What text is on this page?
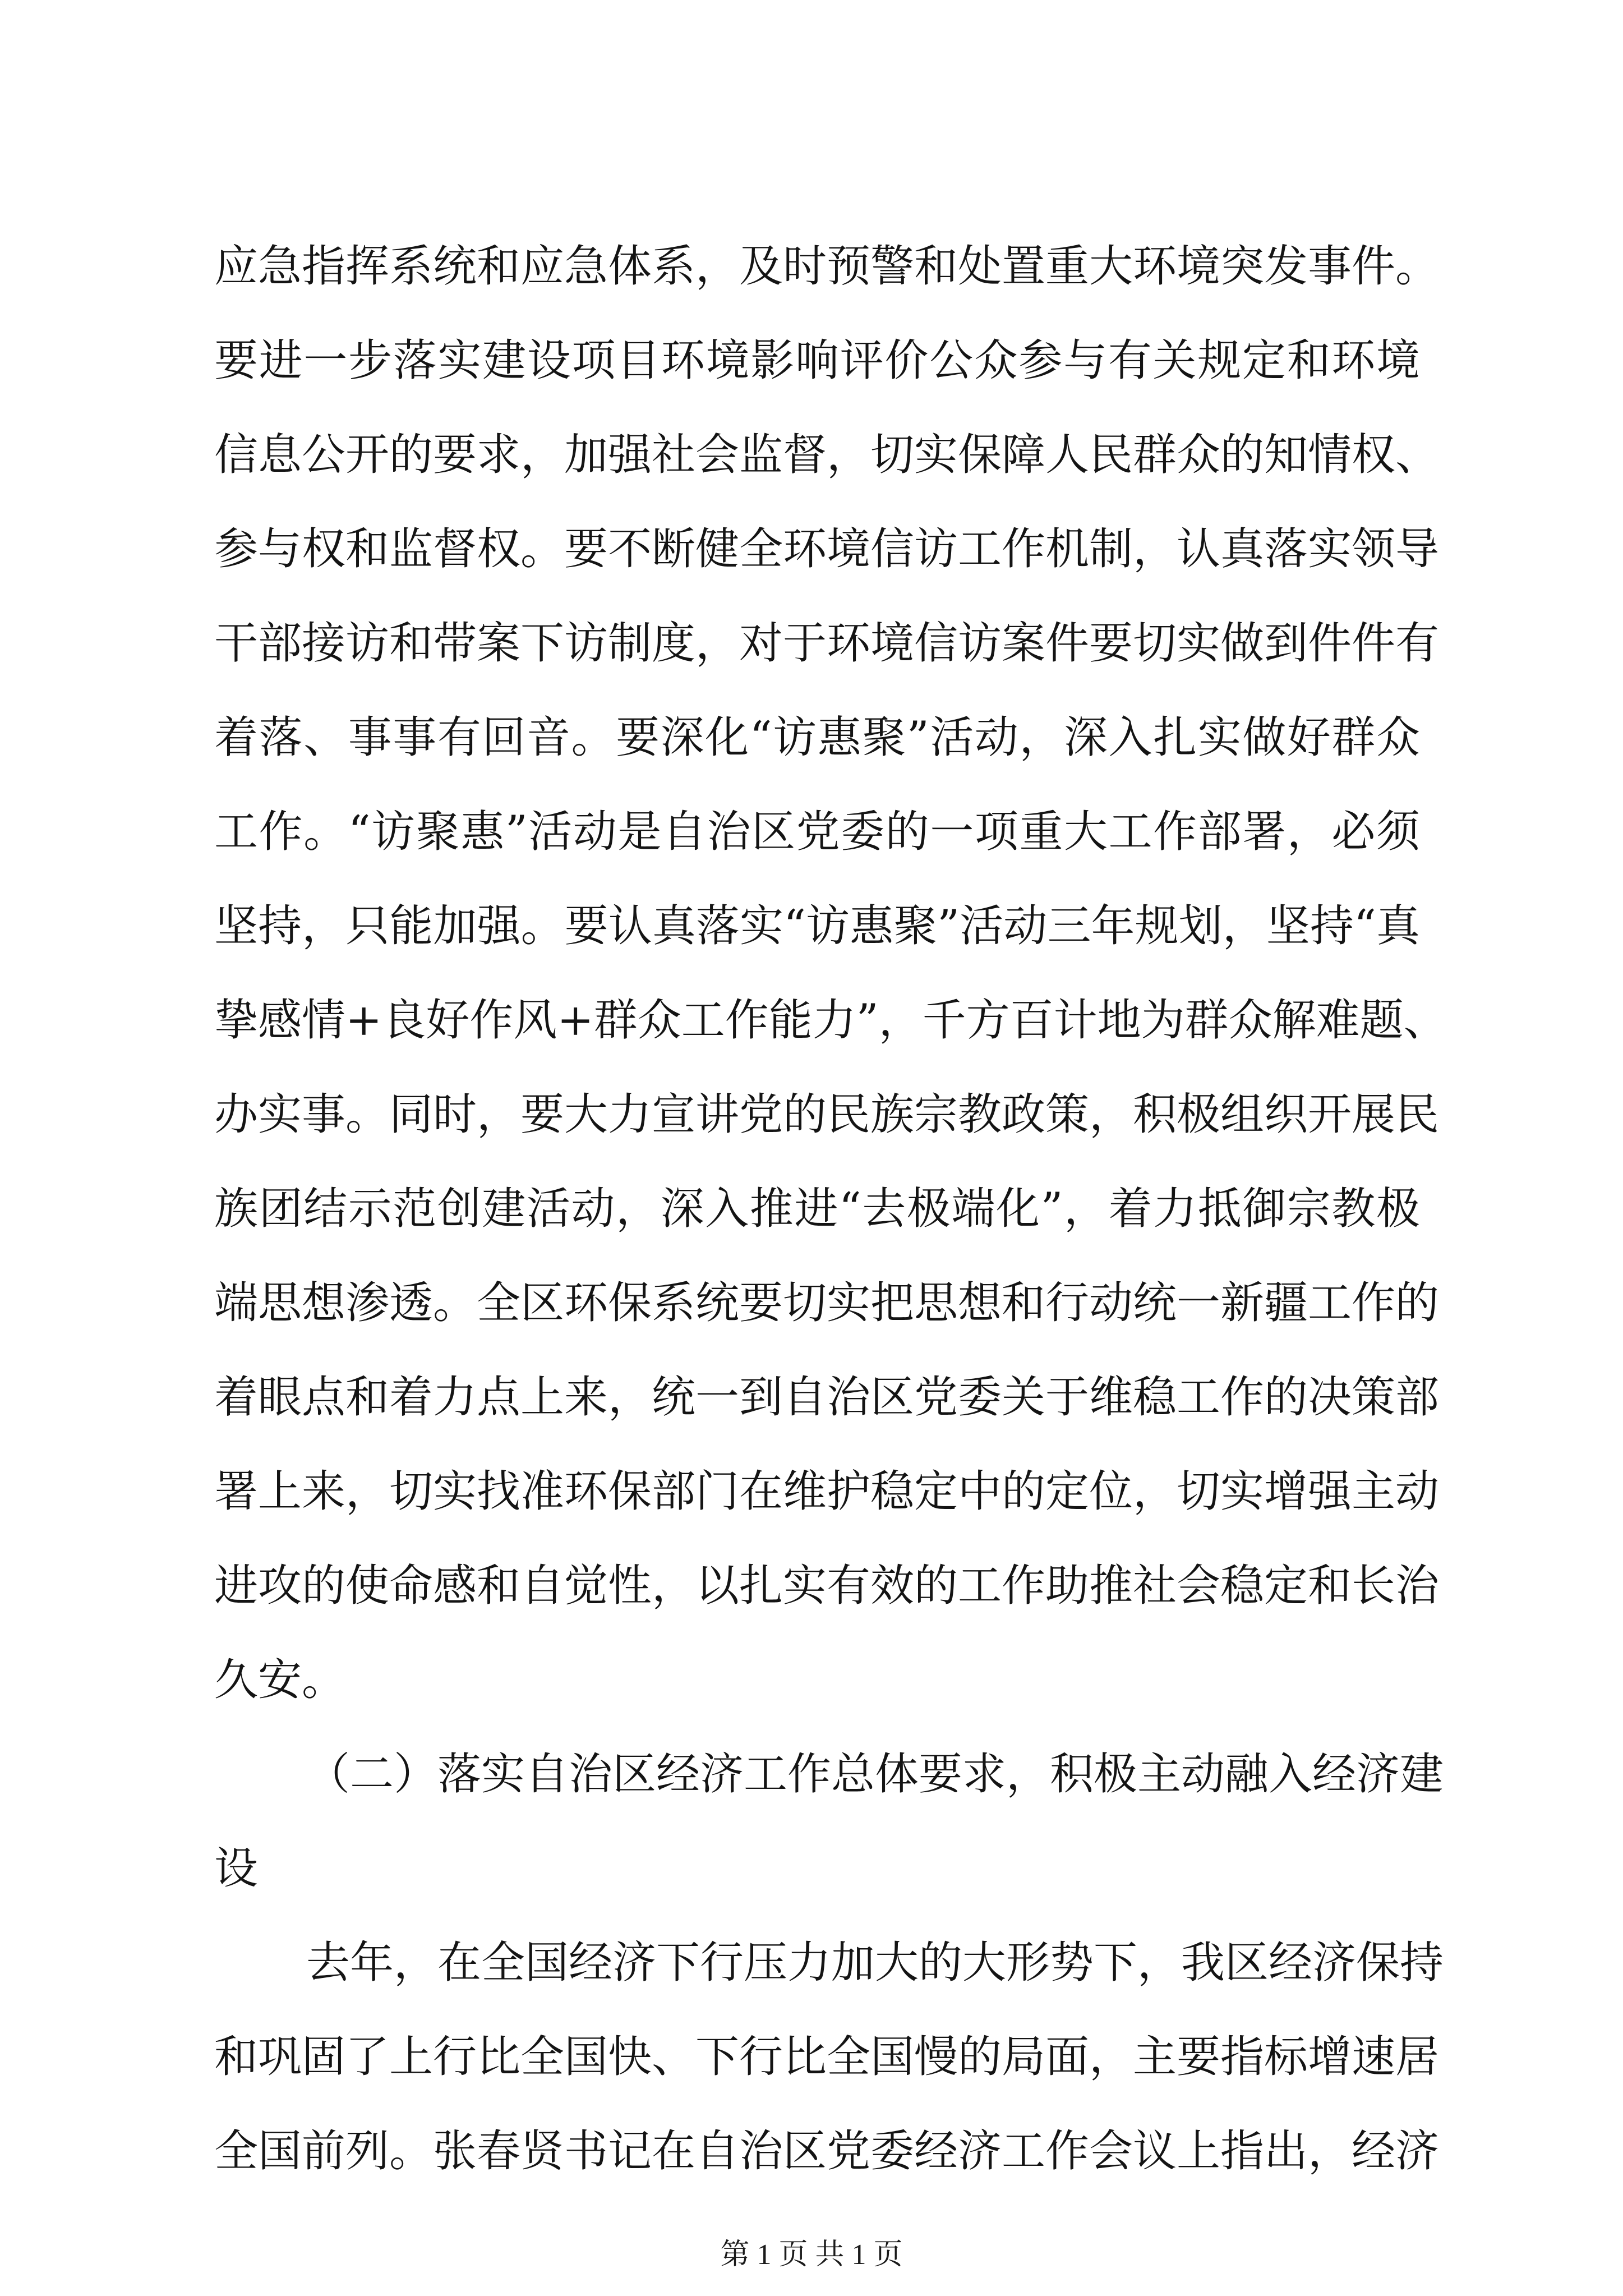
应急指挥系统和应急体系，及时预警和处置重大环境突发事件。
要进一步落实建设项目环境影响评价公众参与有关规定和环境
信息公开的要求，加强社会监督，切实保障人民群众的知情权、
参与权和监督权。要不断健全环境信访工作机制，认真落实领导
干部接访和带案下访制度，对于环境信访案件要切实做到件件有
着落、事事有回音。要深化“访惠聚”活动，深入扎实做好群众
工作。“访聚惠”活动是自治区党委的一项重大工作部署，必须
坚持，只能加强。要认真落实“访惠聚”活动三年规划，坚持“真
挚感情+良好作风+群众工作能力”，千方百计地为群众解难题、
办实事。同时，要大力宣讲党的民族宗教政策，积极组织开展民
族团结示范创建活动，深入推进“去极端化”，着力抵御宗教极
端思想渗透。全区环保系统要切实把思想和行动统一新疆工作的
着眼点和着力点上来，统一到自治区党委关于维稳工作的决策部
署上来，切实找准环保部门在维护稳定中的定位，切实增强主动
进攻的使命感和自觉性，以扎实有效的工作助推社会稳定和长治
久安。
（二）落实自治区经济工作总体要求，积极主动融入经济建
设
去年，在全国经济下行压力加大的大形势下，我区经济保持
和巩固了上行比全国快、下行比全国慢的局面，主要指标增速居
全国前列。张春贤书记在自治区党委经济工作会议上指出，经济
第 1 页 共 1 页
